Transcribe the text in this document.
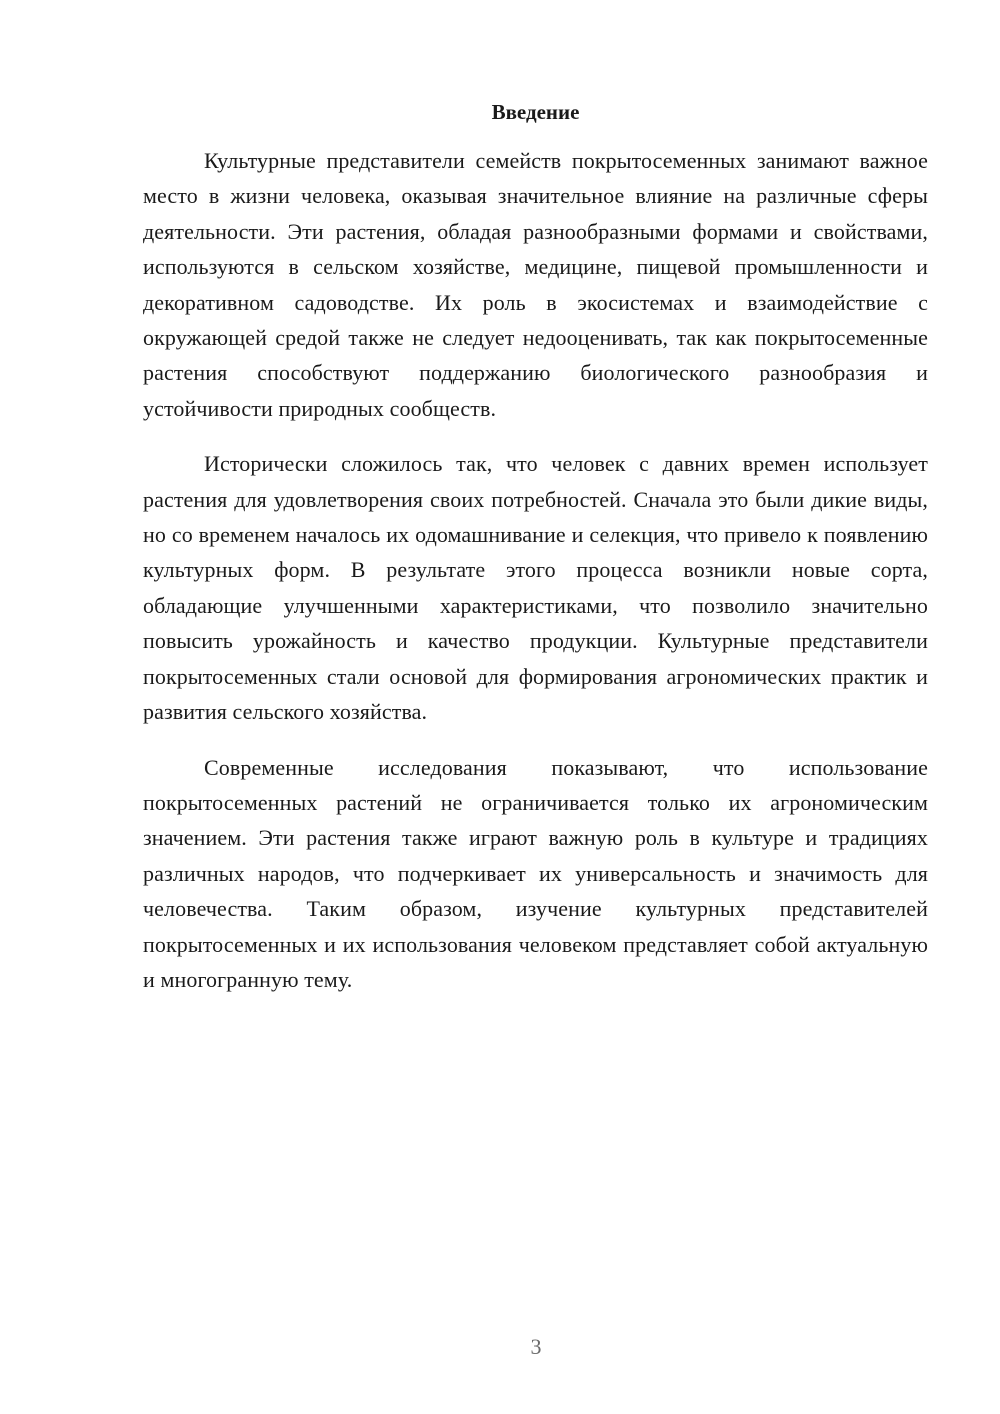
Введение

Культурные представители семейств покрытосеменных занимают важное место в жизни человека, оказывая значительное влияние на различные сферы деятельности. Эти растения, обладая разнообразными формами и свойствами, используются в сельском хозяйстве, медицине, пищевой промышленности и декоративном садоводстве. Их роль в экосистемах и взаимодействие с окружающей средой также не следует недооценивать, так как покрытосеменные растения способствуют поддержанию биологического разнообразия и устойчивости природных сообществ.

Исторически сложилось так, что человек с давних времен использует растения для удовлетворения своих потребностей. Сначала это были дикие виды, но со временем началось их одомашнивание и селекция, что привело к появлению культурных форм. В результате этого процесса возникли новые сорта, обладающие улучшенными характеристиками, что позволило значительно повысить урожайность и качество продукции. Культурные представители покрытосеменных стали основой для формирования агрономических практик и развития сельского хозяйства.

Современные исследования показывают, что использование покрытосеменных растений не ограничивается только их агрономическим значением. Эти растения также играют важную роль в культуре и традициях различных народов, что подчеркивает их универсальность и значимость для человечества. Таким образом, изучение культурных представителей покрытосеменных и их использования человеком представляет собой актуальную и многогранную тему.

3
